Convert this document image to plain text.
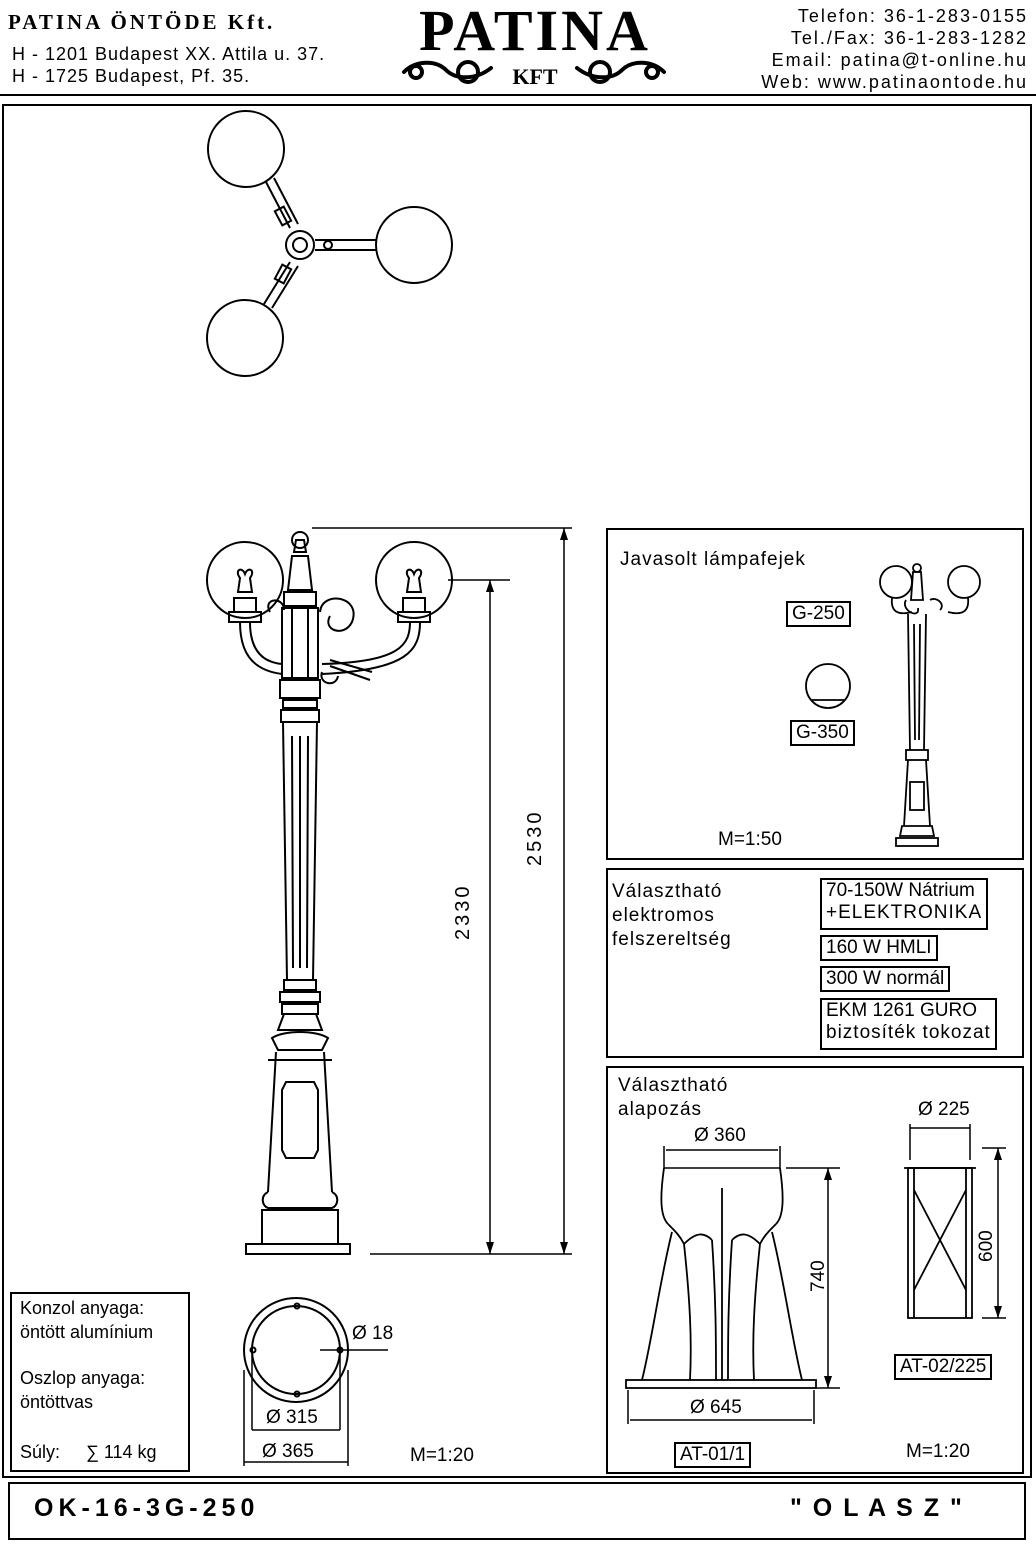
PATINA ÖNTÖDE Kft.
H - 1201 Budapest XX. Attila u. 37.
H - 1725 Budapest, Pf. 35.
PATINA
KFT
Telefon: 36-1-283-0155
Tel./Fax: 36-1-283-1282
Email: patina@t-online.hu
Web: www.patinaontode.hu
2530
2330
Ø 18
Ø 315
Ø 365	M=1:20
Konzol anyaga:
öntött alumínium
Oszlop anyaga:
öntöttvas
Súly: ∑ 114 kg
Javasolt lámpafejek
G-250
G-350
M=1:50
Választható
elektromos
felszereltség
70-150W Nátrium
+ELEKTRONIKA
160 W HMLI
300 W normál
EKM 1261 GURO
biztosíték tokozat
Választható
alapozás
Ø 360
740
Ø 645
AT-01/1
Ø 225
600
AT-02/225
M=1:20
OK-16-3G-250	" O L A S Z "
